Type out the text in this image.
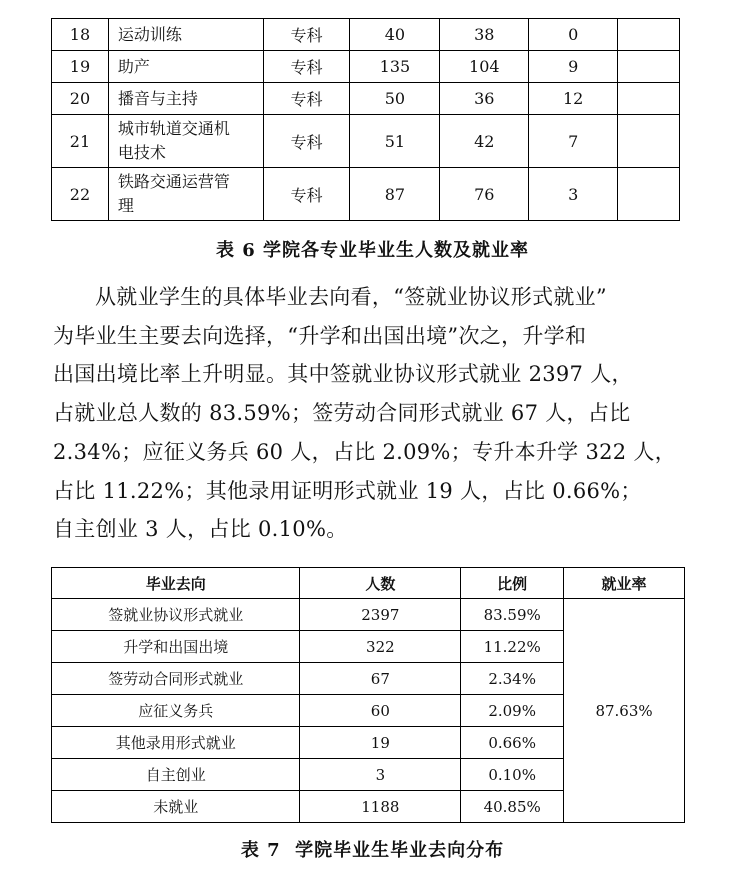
18	运动训练	专科	40	38	0	
19	助产	专科	135	104	9	
20	播音与主持	专科	50	36	12	
21	城市轨道交通机
电技术	专科	51	42	7	
22	铁路交通运营管
理	专科	87	76	3	
表 6 学院各专业毕业生人数及就业率
从就业学生的具体毕业去向看，“签就业协议形式就业”
为毕业生主要去向选择，“升学和出国出境”次之，升学和
出国出境比率上升明显。其中签就业协议形式就业 2397 人，
占就业总人数的 83.59%；签劳动合同形式就业 67 人，占比
2.34%；应征义务兵 60 人，占比 2.09%；专升本升学 322 人，
占比 11.22%；其他录用证明形式就业 19 人，占比 0.66%；
自主创业 3 人，占比 0.10%。
毕业去向	人数	比例	就业率
签就业协议形式就业	2397	83.59%	87.63%
升学和出国出境	322	11.22%	
签劳动合同形式就业	67	2.34%	
应征义务兵	60	2.09%	
其他录用形式就业	19	0.66%	
自主创业	3	0.10%	
未就业	1188	40.85%	
表 7  学院毕业生毕业去向分布
